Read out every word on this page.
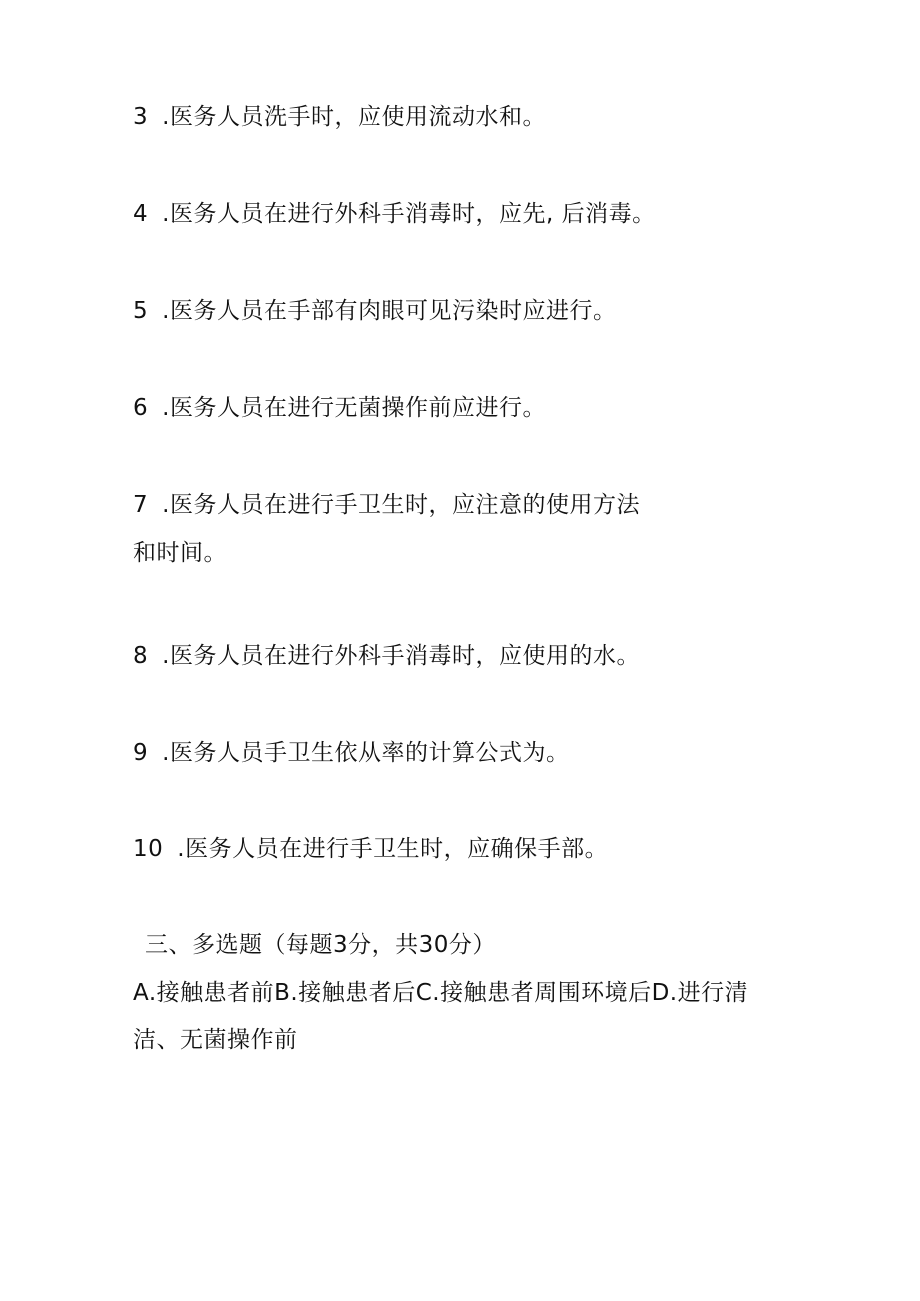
3 .医务人员洗手时，应使用流动水和。
4 .医务人员在进行外科手消毒时，应先, 后消毒。
5 .医务人员在手部有肉眼可见污染时应进行。
6 .医务人员在进行无菌操作前应进行。
7 .医务人员在进行手卫生时，应注意的使用方法
和时间。
8 .医务人员在进行外科手消毒时，应使用的水。
9 .医务人员手卫生依从率的计算公式为。
10 .医务人员在进行手卫生时，应确保手部。
三、多选题（每题3分，共30分）
A.接触患者前B.接触患者后C.接触患者周围环境后D.进行清
洁、无菌操作前
